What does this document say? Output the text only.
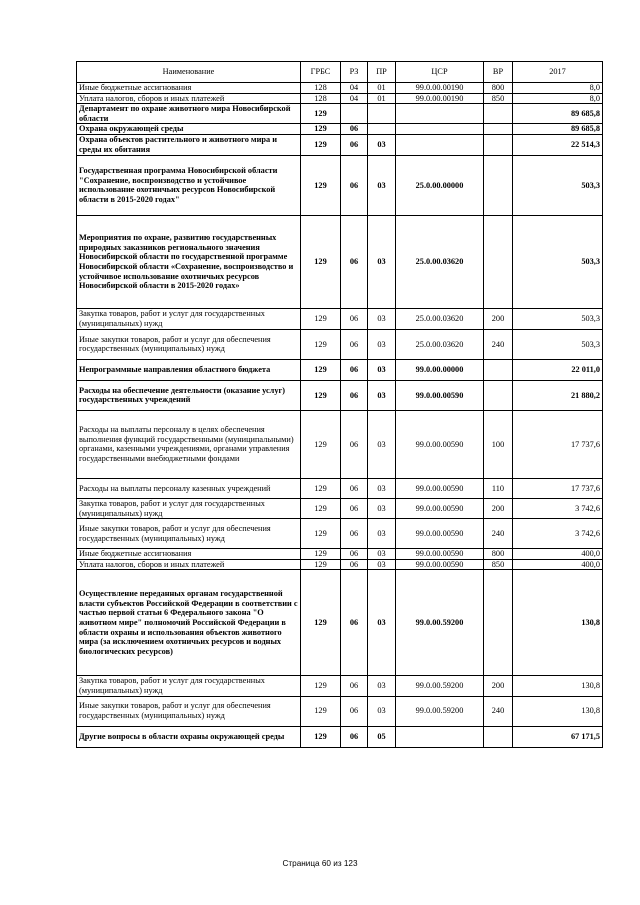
Наименование	ГРБС	РЗ	ПР	ЦСР	ВР	2017
Иные бюджетные ассигнования	128	04	01	99.0.00.00190	800	8,0
Уплата налогов, сборов и иных платежей	128	04	01	99.0.00.00190	850	8,0
Департамент по охране животного мира Новосибирской области	129					89 685,8
Охрана окружающей среды	129	06				89 685,8
Охрана объектов растительного и животного мира и среды их обитания	129	06	03			22 514,3
Государственная программа Новосибирской области "Сохранение, воспроизводство и устойчивое использование охотничьих ресурсов Новосибирской области в 2015-2020 годах"	129	06	03	25.0.00.00000		503,3
Мероприятия по охране, развитию государственных природных заказников регионального значения Новосибирской области по государственной программе Новосибирской области «Сохранение, воспроизводство и устойчивое использование охотничьих ресурсов Новосибирской области в 2015-2020 годах»	129	06	03	25.0.00.03620		503,3
Закупка товаров, работ и услуг для государственных (муниципальных) нужд	129	06	03	25.0.00.03620	200	503,3
Иные закупки товаров, работ и услуг для обеспечения государственных (муниципальных) нужд	129	06	03	25.0.00.03620	240	503,3
Непрограммные направления областного бюджета	129	06	03	99.0.00.00000		22 011,0
Расходы на обеспечение деятельности (оказание услуг) государственных учреждений	129	06	03	99.0.00.00590		21 880,2
Расходы на выплаты персоналу в целях обеспечения выполнения функций государственными (муниципальными) органами, казенными учреждениями, органами управления государственными внебюджетными фондами	129	06	03	99.0.00.00590	100	17 737,6
Расходы на выплаты персоналу казенных учреждений	129	06	03	99.0.00.00590	110	17 737,6
Закупка товаров, работ и услуг для государственных (муниципальных) нужд	129	06	03	99.0.00.00590	200	3 742,6
Иные закупки товаров, работ и услуг для обеспечения государственных (муниципальных) нужд	129	06	03	99.0.00.00590	240	3 742,6
Иные бюджетные ассигнования	129	06	03	99.0.00.00590	800	400,0
Уплата налогов, сборов и иных платежей	129	06	03	99.0.00.00590	850	400,0
Осуществление переданных органам государственной власти субъектов Российской Федерации в соответствии с частью первой статьи 6 Федерального закона "О животном мире" полномочий Российской Федерации в области охраны и использования объектов животного мира (за исключением охотничьих ресурсов и водных биологических ресурсов)	129	06	03	99.0.00.59200		130,8
Закупка товаров, работ и услуг для государственных (муниципальных) нужд	129	06	03	99.0.00.59200	200	130,8
Иные закупки товаров, работ и услуг для обеспечения государственных (муниципальных) нужд	129	06	03	99.0.00.59200	240	130,8
Другие вопросы в области охраны окружающей среды	129	06	05			67 171,5
Страница 60 из 123
